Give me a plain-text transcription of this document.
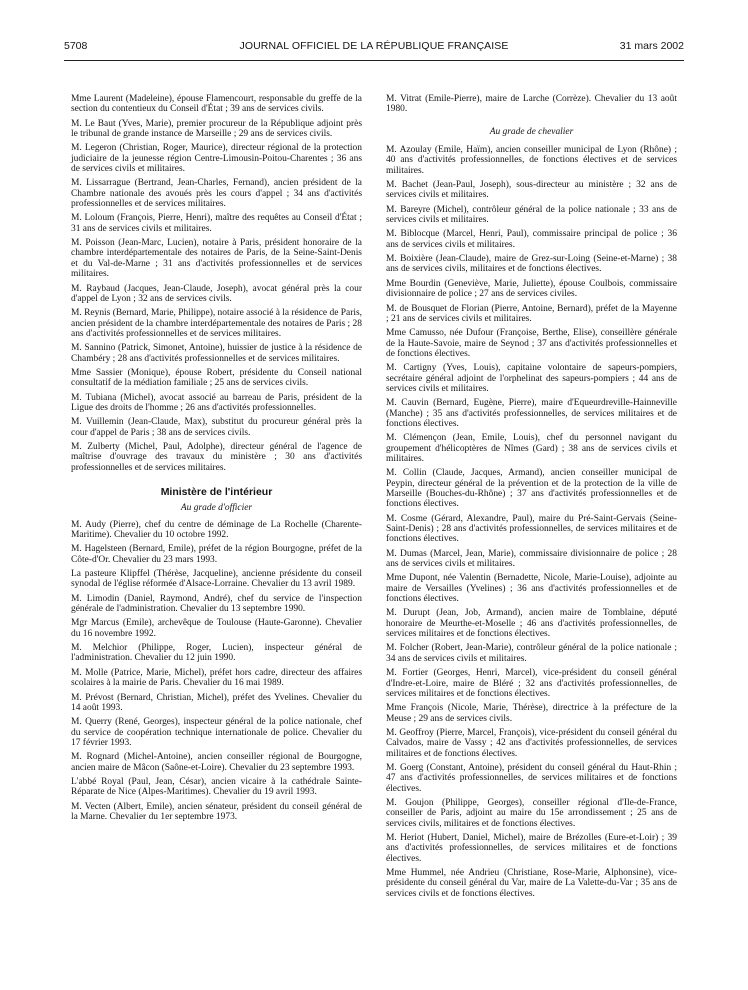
5708	JOURNAL OFFICIEL DE LA RÉPUBLIQUE FRANÇAISE	31 mars 2002

Mme Laurent (Madeleine), épouse Flamencourt, responsable du greffe de la section du contentieux du Conseil d'État ; 39 ans de services civils.

M. Le Baut (Yves, Marie), premier procureur de la République adjoint près le tribunal de grande instance de Marseille ; 29 ans de services civils.

M. Legeron (Christian, Roger, Maurice), directeur régional de la protection judiciaire de la jeunesse région Centre-Limousin-Poitou-Charentes ; 36 ans de services civils et militaires.

M. Lissarrague (Bertrand, Jean-Charles, Fernand), ancien président de la Chambre nationale des avoués près les cours d'appel ; 34 ans d'activités professionnelles et de services militaires.

M. Loloum (François, Pierre, Henri), maître des requêtes au Conseil d'État ; 31 ans de services civils et militaires.

M. Poisson (Jean-Marc, Lucien), notaire à Paris, président honoraire de la chambre interdépartementale des notaires de Paris, de la Seine-Saint-Denis et du Val-de-Marne ; 31 ans d'activités professionnelles et de services militaires.

M. Raybaud (Jacques, Jean-Claude, Joseph), avocat général près la cour d'appel de Lyon ; 32 ans de services civils.

M. Reynis (Bernard, Marie, Philippe), notaire associé à la résidence de Paris, ancien président de la chambre interdépartementale des notaires de Paris ; 28 ans d'activités professionnelles et de services militaires.

M. Sannino (Patrick, Simonet, Antoine), huissier de justice à la résidence de Chambéry ; 28 ans d'activités professionnelles et de services militaires.

Mme Sassier (Monique), épouse Robert, présidente du Conseil national consultatif de la médiation familiale ; 25 ans de services civils.

M. Tubiana (Michel), avocat associé au barreau de Paris, président de la Ligue des droits de l'homme ; 26 ans d'activités professionnelles.

M. Vuillemin (Jean-Claude, Max), substitut du procureur général près la cour d'appel de Paris ; 38 ans de services civils.

M. Zulberty (Michel, Paul, Adolphe), directeur général de l'agence de maîtrise d'ouvrage des travaux du ministère ; 30 ans d'activités professionnelles et de services militaires.

Ministère de l'intérieur
Au grade d'officier

M. Audy (Pierre), chef du centre de déminage de La Rochelle (Charente-Maritime). Chevalier du 10 octobre 1992.

M. Hagelsteen (Bernard, Emile), préfet de la région Bourgogne, préfet de la Côte-d'Or. Chevalier du 23 mars 1993.

La pasteure Klipffel (Thérèse, Jacqueline), ancienne présidente du conseil synodal de l'église réformée d'Alsace-Lorraine. Chevalier du 13 avril 1989.

M. Limodin (Daniel, Raymond, André), chef du service de l'inspection générale de l'administration. Chevalier du 13 septembre 1990.

Mgr Marcus (Emile), archevêque de Toulouse (Haute-Garonne). Chevalier du 16 novembre 1992.

M. Melchior (Philippe, Roger, Lucien), inspecteur général de l'administration. Chevalier du 12 juin 1990.

M. Molle (Patrice, Marie, Michel), préfet hors cadre, directeur des affaires scolaires à la mairie de Paris. Chevalier du 16 mai 1989.

M. Prévost (Bernard, Christian, Michel), préfet des Yvelines. Chevalier du 14 août 1993.

M. Querry (René, Georges), inspecteur général de la police nationale, chef du service de coopération technique internationale de police. Chevalier du 17 février 1993.

M. Rognard (Michel-Antoine), ancien conseiller régional de Bourgogne, ancien maire de Mâcon (Saône-et-Loire). Chevalier du 23 septembre 1993.

L'abbé Royal (Paul, Jean, César), ancien vicaire à la cathédrale Sainte-Réparate de Nice (Alpes-Maritimes). Chevalier du 19 avril 1993.

M. Vecten (Albert, Emile), ancien sénateur, président du conseil général de la Marne. Chevalier du 1er septembre 1973.

M. Vitrat (Emile-Pierre), maire de Larche (Corrèze). Chevalier du 13 août 1980.

Au grade de chevalier

M. Azoulay (Emile, Haïm), ancien conseiller municipal de Lyon (Rhône) ; 40 ans d'activités professionnelles, de fonctions électives et de services militaires.

M. Bachet (Jean-Paul, Joseph), sous-directeur au ministère ; 32 ans de services civils et militaires.

M. Bareyre (Michel), contrôleur général de la police nationale ; 33 ans de services civils et militaires.

M. Biblocque (Marcel, Henri, Paul), commissaire principal de police ; 36 ans de services civils et militaires.

M. Boixière (Jean-Claude), maire de Grez-sur-Loing (Seine-et-Marne) ; 38 ans de services civils, militaires et de fonctions électives.

Mme Bourdin (Geneviève, Marie, Juliette), épouse Coulbois, commissaire divisionnaire de police ; 27 ans de services civiles.

M. de Bousquet de Florian (Pierre, Antoine, Bernard), préfet de la Mayenne ; 21 ans de services civils et militaires.

Mme Camusso, née Dufour (Françoise, Berthe, Elise), conseillère générale de la Haute-Savoie, maire de Seynod ; 37 ans d'activités professionnelles et de fonctions électives.

M. Cartigny (Yves, Louis), capitaine volontaire de sapeurs-pompiers, secrétaire général adjoint de l'orphelinat des sapeurs-pompiers ; 44 ans de services civils et militaires.

M. Cauvin (Bernard, Eugène, Pierre), maire d'Equeurdreville-Hainneville (Manche) ; 35 ans d'activités professionnelles, de services militaires et de fonctions électives.

M. Clémençon (Jean, Emile, Louis), chef du personnel navigant du groupement d'hélicoptères de Nîmes (Gard) ; 38 ans de services civils et militaires.

M. Collin (Claude, Jacques, Armand), ancien conseiller municipal de Peypin, directeur général de la prévention et de la protection de la ville de Marseille (Bouches-du-Rhône) ; 37 ans d'activités professionnelles et de fonctions électives.

M. Cosme (Gérard, Alexandre, Paul), maire du Pré-Saint-Gervais (Seine-Saint-Denis) ; 28 ans d'activités professionnelles, de services militaires et de fonctions électives.

M. Dumas (Marcel, Jean, Marie), commissaire divisionnaire de police ; 28 ans de services civils et militaires.

Mme Dupont, née Valentin (Bernadette, Nicole, Marie-Louise), adjointe au maire de Versailles (Yvelines) ; 36 ans d'activités professionnelles et de fonctions électives.

M. Durupt (Jean, Job, Armand), ancien maire de Tomblaine, député honoraire de Meurthe-et-Moselle ; 46 ans d'activités professionnelles, de services militaires et de fonctions électives.

M. Folcher (Robert, Jean-Marie), contrôleur général de la police nationale ; 34 ans de services civils et militaires.

M. Fortier (Georges, Henri, Marcel), vice-président du conseil général d'Indre-et-Loire, maire de Bléré ; 32 ans d'activités professionnelles, de services militaires et de fonctions électives.

Mme François (Nicole, Marie, Thérèse), directrice à la préfecture de la Meuse ; 29 ans de services civils.

M. Geoffroy (Pierre, Marcel, François), vice-président du conseil général du Calvados, maire de Vassy ; 42 ans d'activités professionnelles, de services militaires et de fonctions électives.

M. Goerg (Constant, Antoine), président du conseil général du Haut-Rhin ; 47 ans d'activités professionnelles, de services militaires et de fonctions électives.

M. Goujon (Philippe, Georges), conseiller régional d'Ile-de-France, conseiller de Paris, adjoint au maire du 15e arrondissement ; 25 ans de services civils, militaires et de fonctions électives.

M. Heriot (Hubert, Daniel, Michel), maire de Brézolles (Eure-et-Loir) ; 39 ans d'activités professionnelles, de services militaires et de fonctions électives.

Mme Hummel, née Andrieu (Christiane, Rose-Marie, Alphonsine), vice-présidente du conseil général du Var, maire de La Valette-du-Var ; 35 ans de services civils et de fonctions électives.
